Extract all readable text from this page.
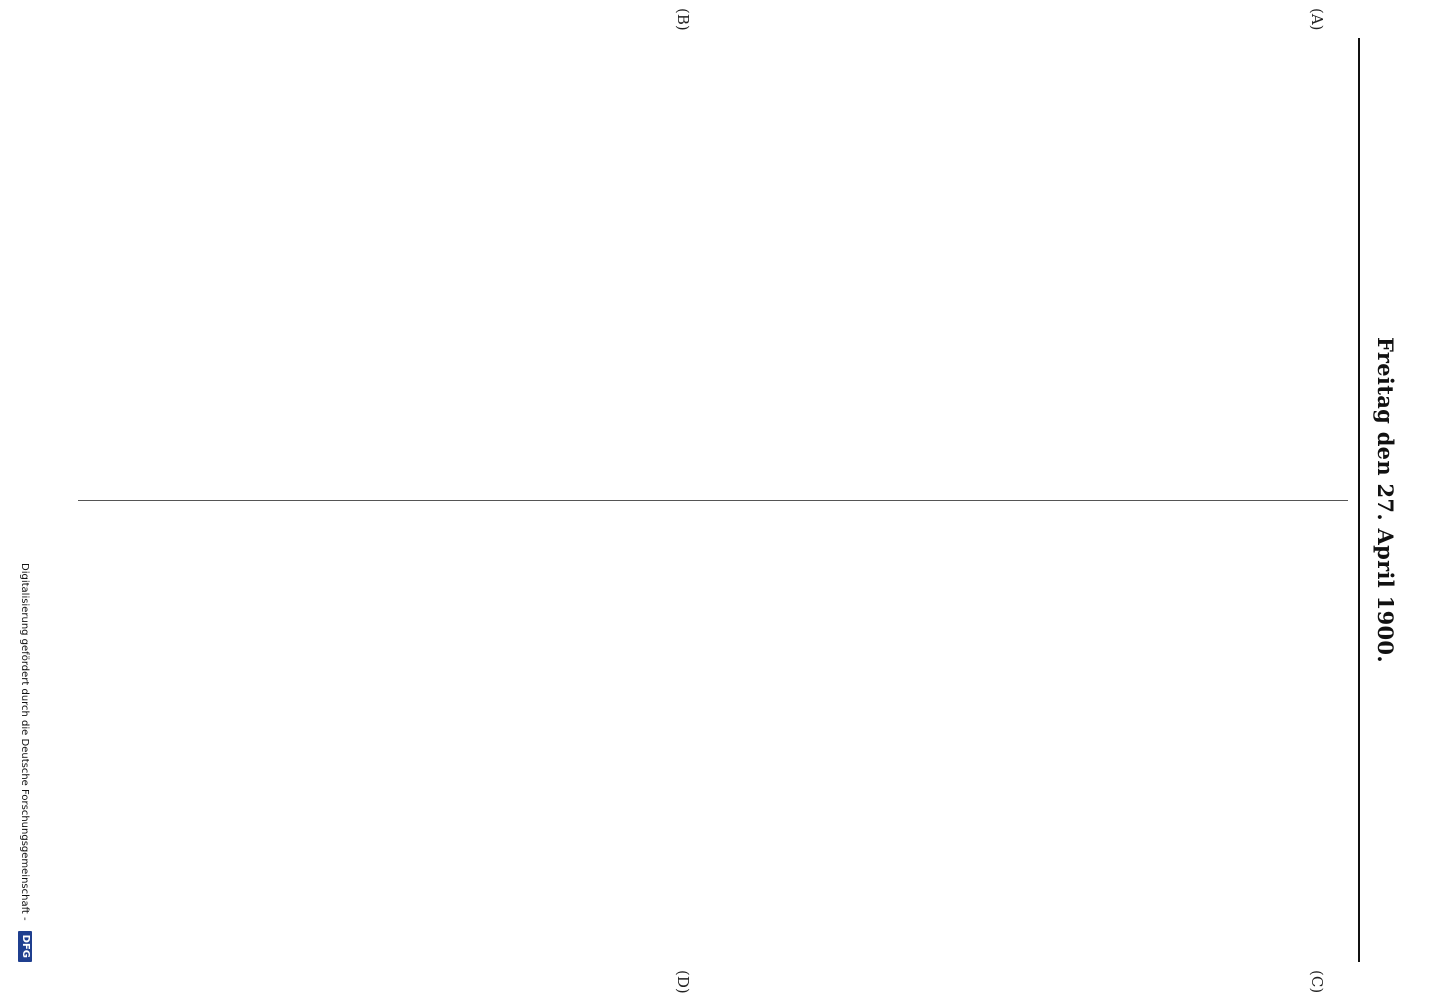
Freitag den 27. April 1900.
(A)
(B)
(C)
(D)
Digitalisierung gefördert durch die Deutsche Forschungsgemeinschaft -
DFG
